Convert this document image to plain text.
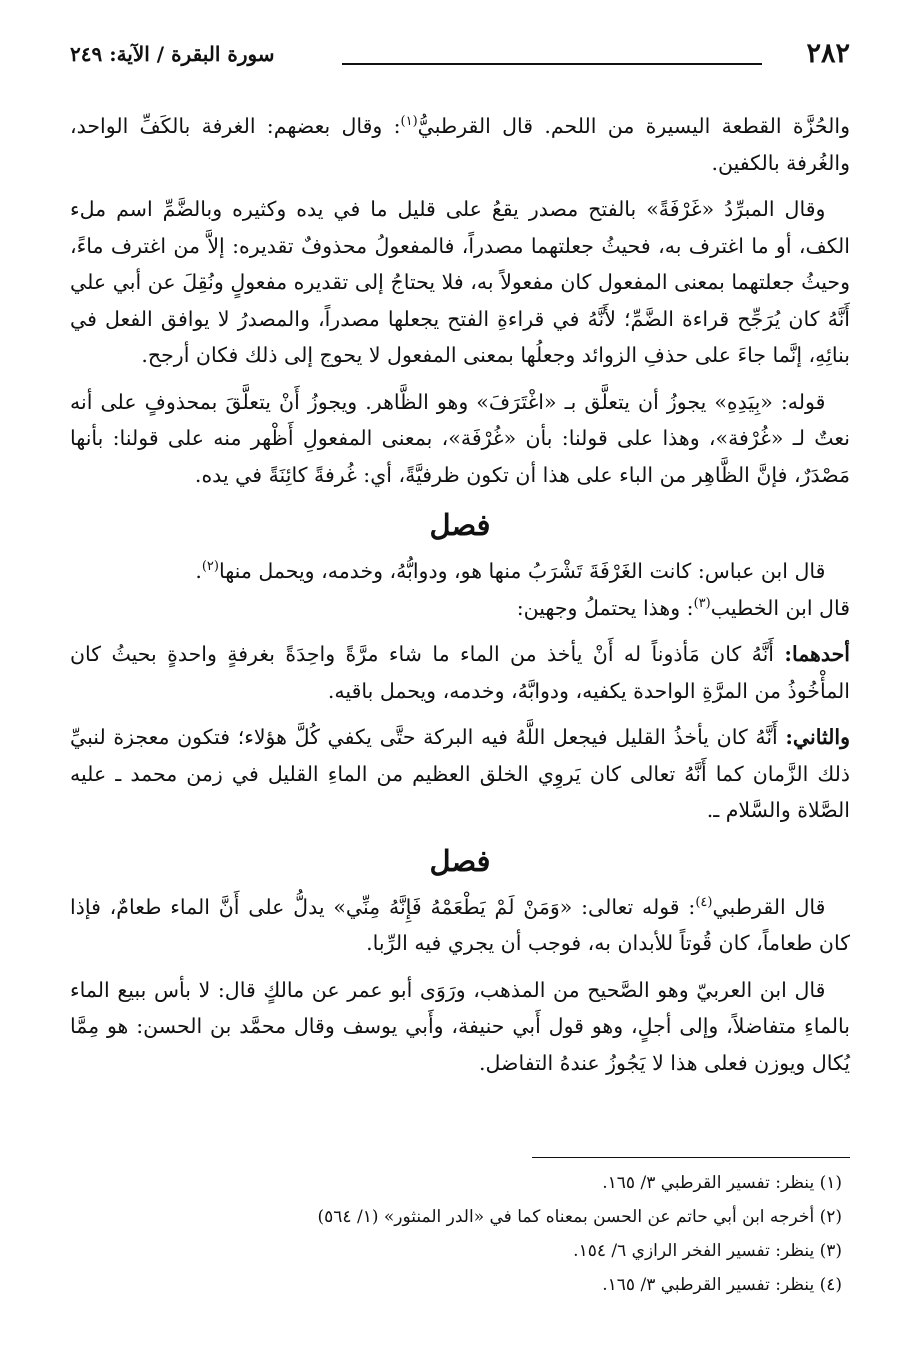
٢٨٢
سورة البقرة / الآية: ٢٤٩

والحُزَّة القطعة اليسيرة من اللحم. قال القرطبيُّ$^{(١)}$: وقال بعضهم: الغرفة بالكَفِّ الواحد، والغُرفة بالكفين.

وقال المبرِّدُ «غَرْفَةً» بالفتح مصدر يقعُ على قليل ما في يده وكثيره وبالضَّمِّ اسم ملء الكف، أو ما اغترف به، فحيثُ جعلتهما مصدراً، فالمفعولُ محذوفٌ تقديره: إلاَّ من اغترف ماءً، وحيثُ جعلتهما بمعنى المفعول كان مفعولاً به، فلا يحتاجُ إلى تقديره مفعولٍ ونُقِلَ عن أبي علي أَنَّهُ كان يُرَجِّح قراءة الضَّمِّ؛ لأَنَّهُ في قراءةِ الفتح يجعلها مصدراً، والمصدرُ لا يوافق الفعل في بنائِهِ، إنَّما جاءَ على حذفِ الزوائد وجعلُها بمعنى المفعول لا يحوج إلى ذلك فكان أرجح.

قوله: «بِيَدِهِ» يجوزُ أن يتعلَّق بـ «اغْتَرَفَ» وهو الظَّاهر. ويجوزُ أَنْ يتعلَّقَ بمحذوفٍ على أنه نعتٌ لـ «غُرْفة»، وهذا على قولنا: بأن «غُرْفَة»، بمعنى المفعولِ أَظْهر منه على قولنا: بأنها مَصْدَرٌ، فإنَّ الظَّاهِر من الباء على هذا أن تكون ظرفيَّةً، أي: غُرفةً كائِنَةً في يده.

فصل

قال ابن عباس: كانت الغَرْفَةَ تَشْرَبُ منها هو، ودوابُّهُ، وخدمه، ويحمل منها$^{(٢)}$.

قال ابن الخطيب$^{(٣)}$: وهذا يحتملُ وجهين:

أحدهما: أَنَّهُ كان مَأذوناً له أَنْ يأخذ من الماء ما شاء مرَّةً واحِدَةً بغرفةٍ واحدةٍ بحيثُ كان المأْخُوذُ من المرَّةِ الواحدة يكفيه، ودوابَّهُ، وخدمه، ويحمل باقيه.

والثاني: أَنَّهُ كان يأخذُ القليل فيجعل اللَّهُ فيه البركة حتَّى يكفي كُلَّ هؤلاء؛ فتكون معجزة لنبيِّ ذلك الزَّمان كما أَنَّهُ تعالى كان يَروِي الخلق العظيم من الماءِ القليل في زمن محمد ـ عليه الصَّلاة والسَّلام ـ.

فصل

قال القرطبي$^{(٤)}$: قوله تعالى: «وَمَنْ لَمْ يَطْعَمْهُ فَإِنَّهُ مِنِّي» يدلُّ على أَنَّ الماء طعامٌ، فإذا كان طعاماً، كان قُوتاً للأبدان به، فوجب أن يجري فيه الرِّبا.

قال ابن العربيّ وهو الصَّحيح من المذهب، ورَوَى أبو عمر عن مالكٍ قال: لا بأس ببيع الماء بالماءِ متفاضلاً، وإلى أجلٍ، وهو قول أَبي حنيفة، وأَبي يوسف وقال محمَّد بن الحسن: هو مِمَّا يُكال ويوزن فعلى هذا لا يَجُوزُ عندهُ التفاضل.

(١) ينظر: تفسير القرطبي ٣/ ١٦٥.
(٢) أخرجه ابن أبي حاتم عن الحسن بمعناه كما في «الدر المنثور» (١/ ٥٦٤)
(٣) ينظر: تفسير الفخر الرازي ٦/ ١٥٤.
(٤) ينظر: تفسير القرطبي ٣/ ١٦٥.
